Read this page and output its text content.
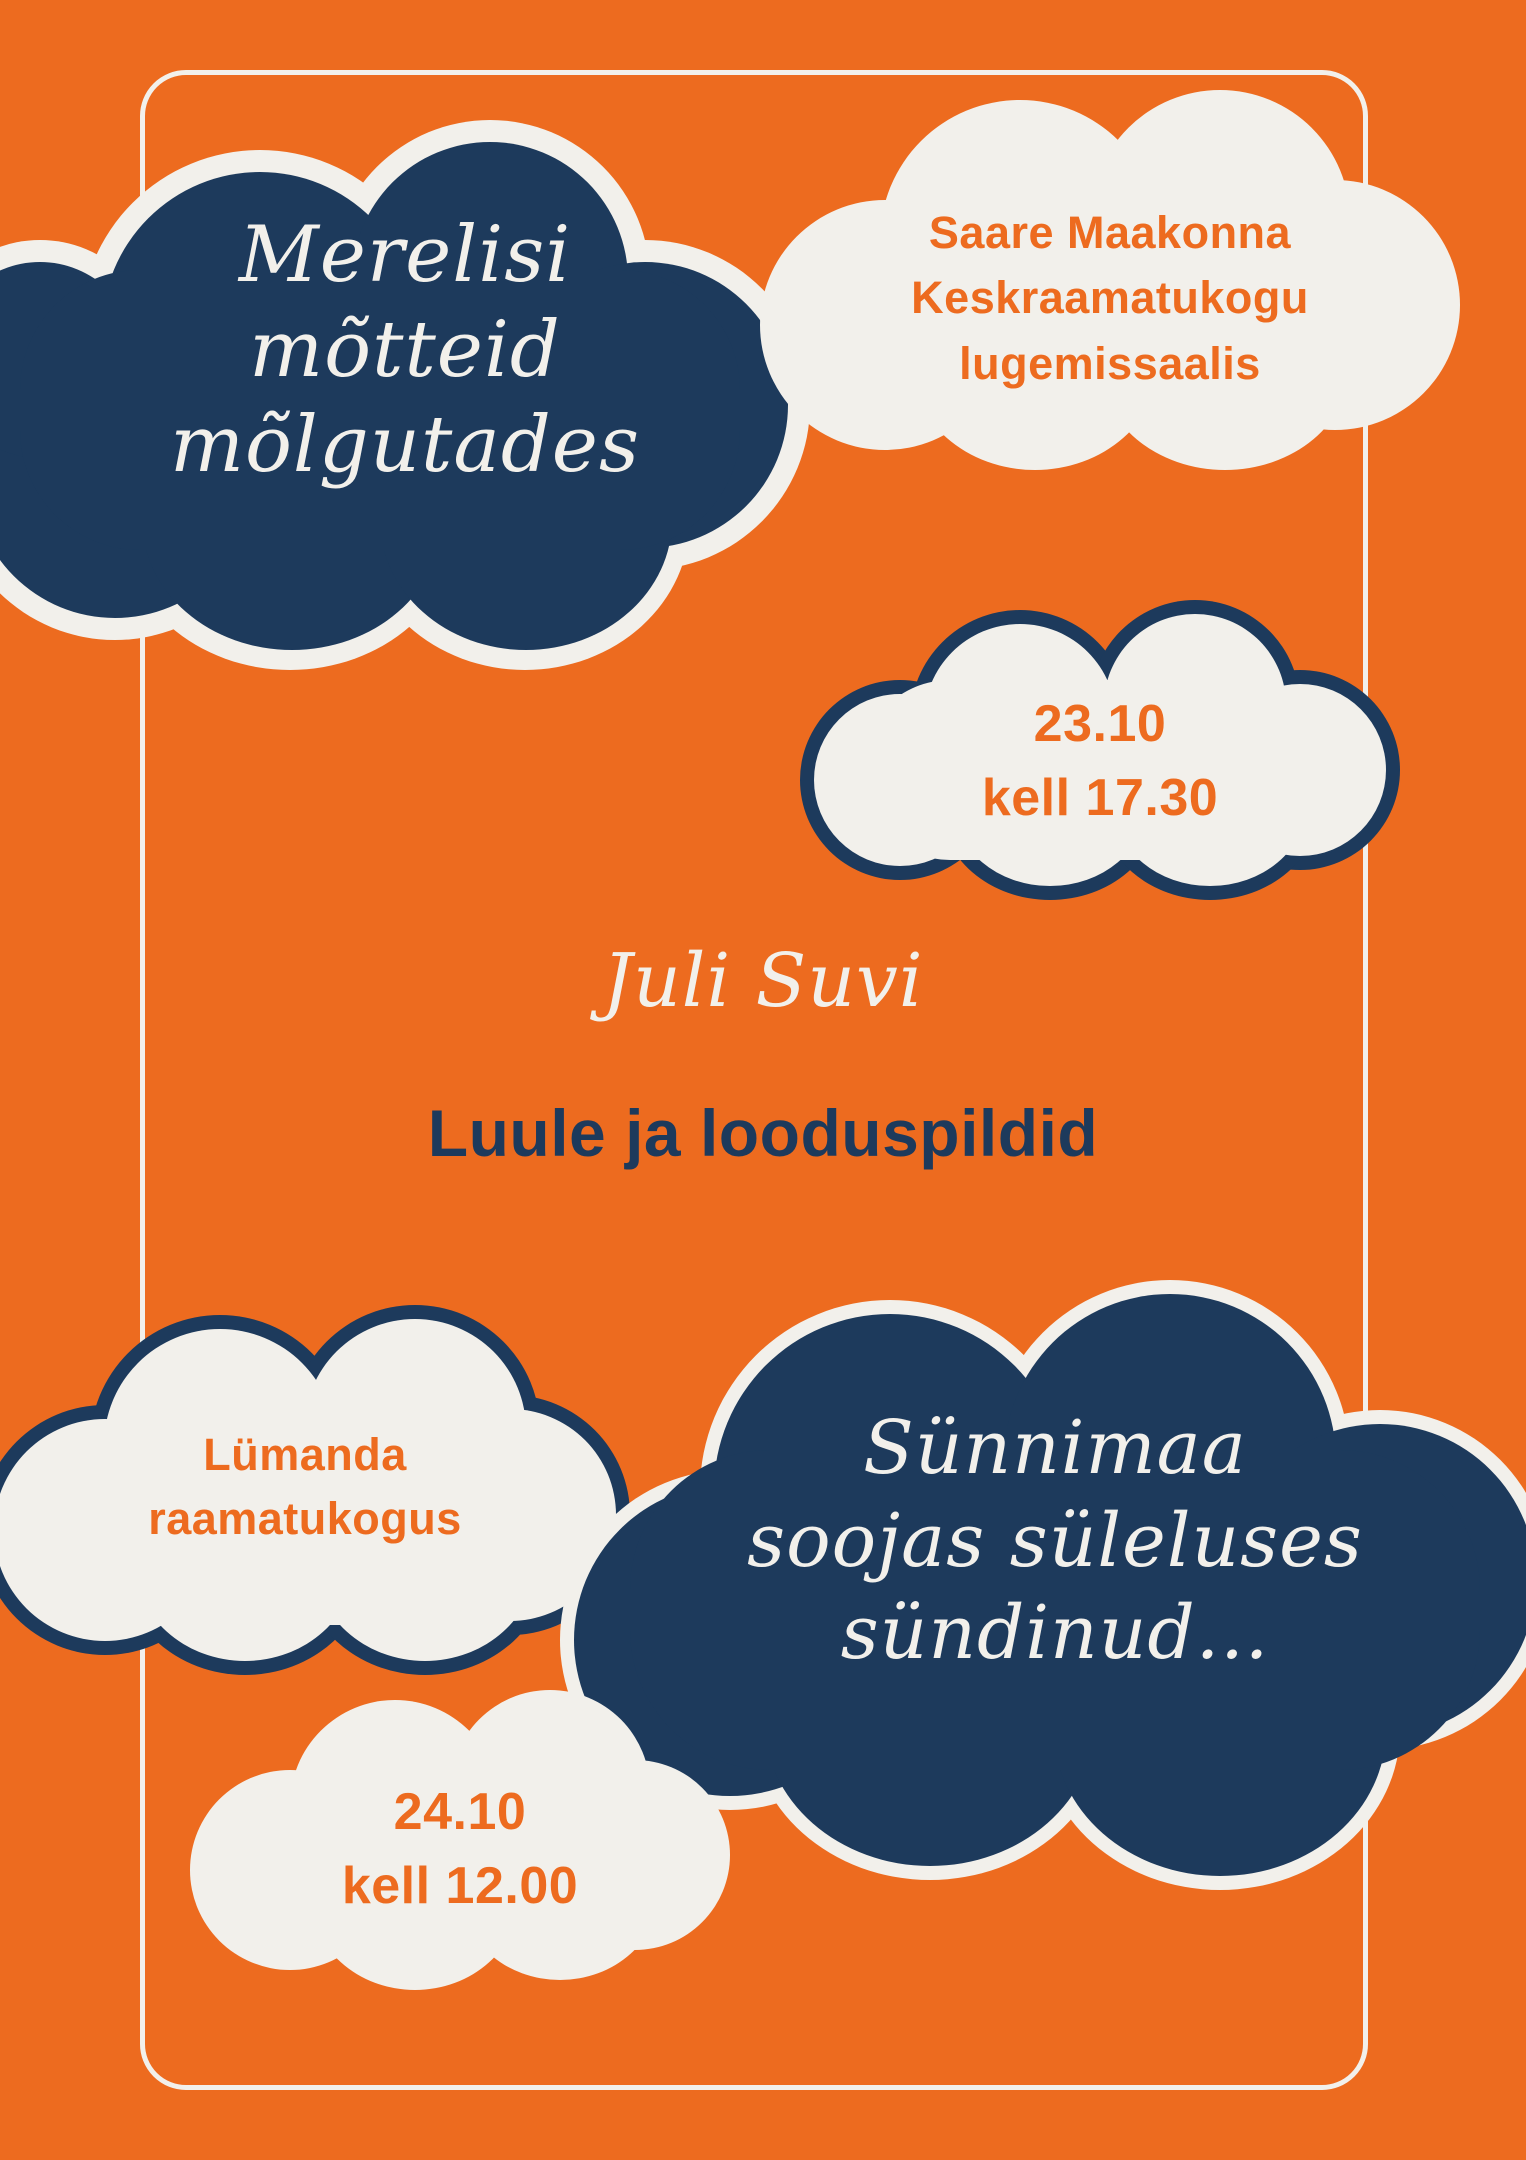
Merelisi
mõtteid
mõlgutades
Saare Maakonna
Keskraamatukogu
lugemissaalis
23.10
kell 17.30
Juli Suvi
Luule ja looduspildid
Lümanda
raamatukogus
Sünnimaa
soojas süleluses
sündinud...
24.10
kell 12.00
